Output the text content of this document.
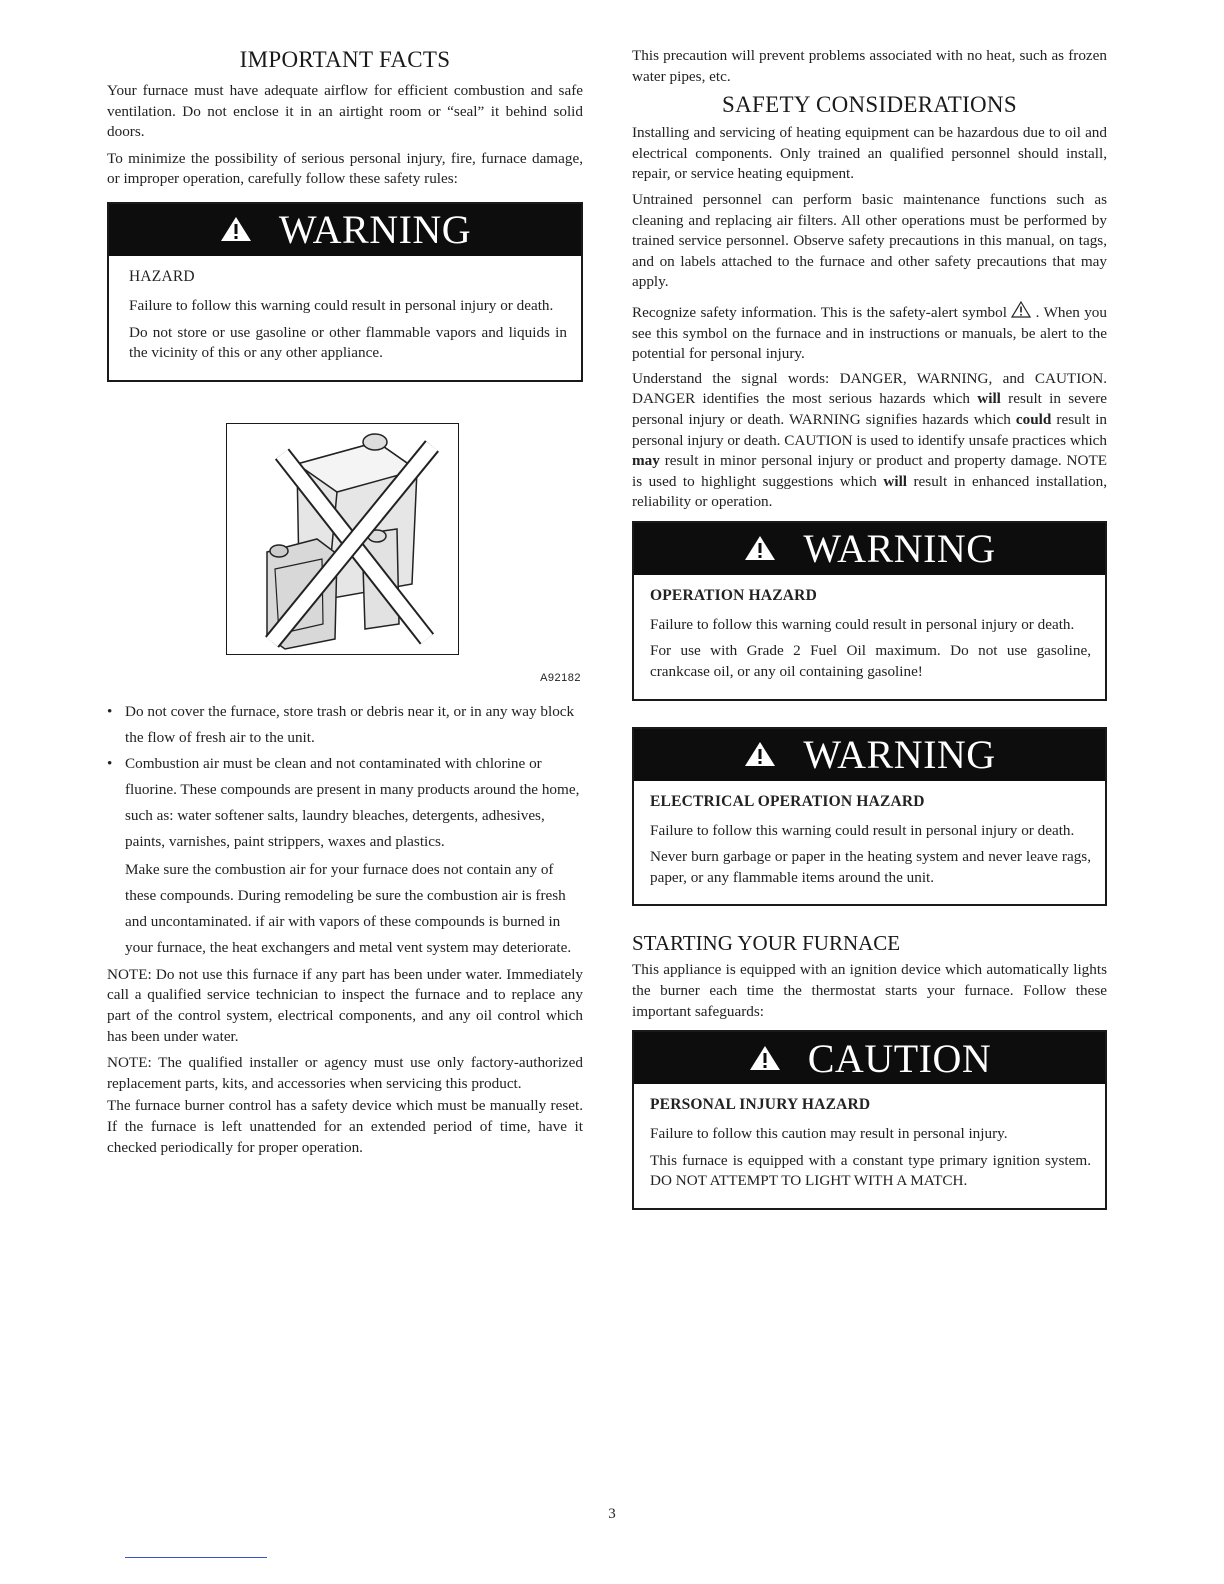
IMPORTANT FACTS

Your furnace must have adequate airflow for efficient combustion and safe ventilation. Do not enclose it in an airtight room or “seal” it behind solid doors.

To minimize the possibility of serious personal injury, fire, furnace damage, or improper operation, carefully follow these safety rules:

WARNING
HAZARD

Failure to follow this warning could result in personal injury or death.

Do not store or use gasoline or other flammable vapors and liquids in the vicinity of this or any other appliance.

A92182
• Do not cover the furnace, store trash or debris near it, or in any way block the flow of fresh air to the unit.
• Combustion air must be clean and not contaminated with chlorine or fluorine. These compounds are present in many products around the home, such as: water softener salts, laundry bleaches, detergents, adhesives, paints, varnishes, paint strippers, waxes and plastics.
Make sure the combustion air for your furnace does not contain any of these compounds. During remodeling be sure the combustion air is fresh and uncontaminated. if air with vapors of these compounds is burned in your furnace, the heat exchangers and metal vent system may deteriorate.

NOTE: Do not use this furnace if any part has been under water. Immediately call a qualified service technician to inspect the furnace and to replace any part of the control system, electrical components, and any oil control which has been under water.

NOTE: The qualified installer or agency must use only factory-authorized replacement parts, kits, and accessories when servicing this product.

The furnace burner control has a safety device which must be manually reset. If the furnace is left unattended for an extended period of time, have it checked periodically for proper operation.

This precaution will prevent problems associated with no heat, such as frozen water pipes, etc.

SAFETY CONSIDERATIONS

Installing and servicing of heating equipment can be hazardous due to oil and electrical components. Only trained an qualified personnel should install, repair, or service heating equipment.

Untrained personnel can perform basic maintenance functions such as cleaning and replacing air filters. All other operations must be performed by trained service personnel. Observe safety precautions in this manual, on tags, and on labels attached to the furnace and other safety precautions that may apply.

Recognize safety information. This is the safety-alert symbol . When you see this symbol on the furnace and in instructions or manuals, be alert to the potential for personal injury.

Understand the signal words: DANGER, WARNING, and CAUTION. DANGER identifies the most serious hazards which will result in severe personal injury or death. WARNING signifies hazards which could result in personal injury or death. CAUTION is used to identify unsafe practices which may result in minor personal injury or product and property damage. NOTE is used to highlight suggestions which will result in enhanced installation, reliability or operation.

WARNING
OPERATION HAZARD

Failure to follow this warning could result in personal injury or death.

For use with Grade 2 Fuel Oil maximum. Do not use gasoline, crankcase oil, or any oil containing gasoline!

WARNING
ELECTRICAL OPERATION HAZARD

Failure to follow this warning could result in personal injury or death.

Never burn garbage or paper in the heating system and never leave rags, paper, or any flammable items around the unit.

STARTING YOUR FURNACE

This appliance is equipped with an ignition device which automatically lights the burner each time the thermostat starts your furnace. Follow these important safeguards:

CAUTION
PERSONAL INJURY HAZARD

Failure to follow this caution may result in personal injury.

This furnace is equipped with a constant type primary ignition system. DO NOT ATTEMPT TO LIGHT WITH A MATCH.

3
